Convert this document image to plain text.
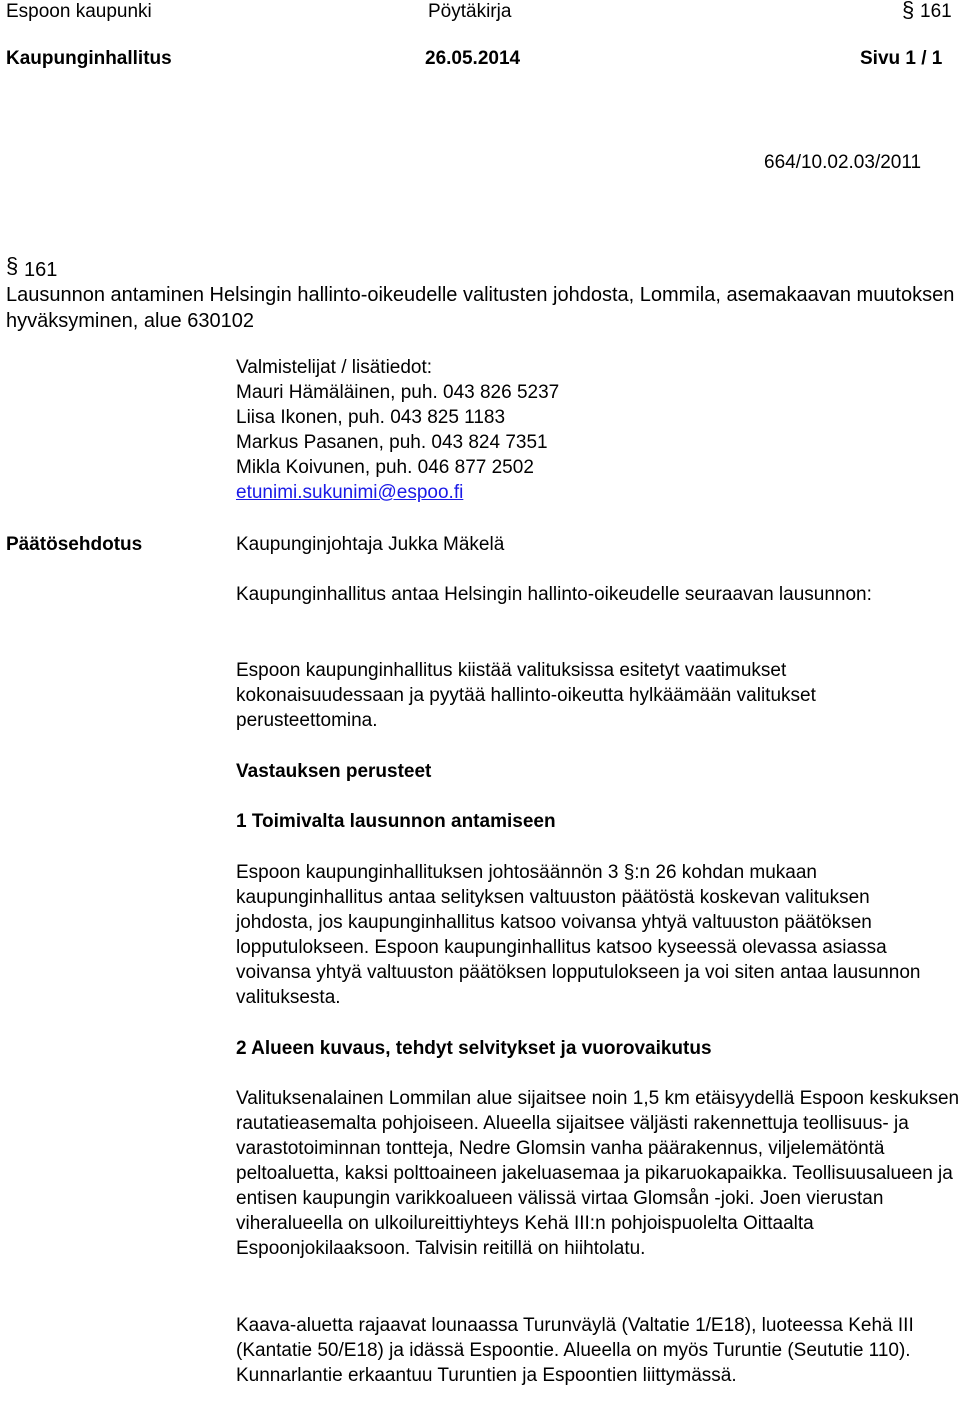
Espoon kaupunki	Pöytäkirja	§ 161
Kaupunginhallitus	26.05.2014	Sivu 1 / 1
664/10.02.03/2011
§ 161
Lausunnon antaminen Helsingin hallinto-oikeudelle valitusten johdosta, Lommila, asemakaavan muutoksen hyväksyminen, alue 630102

Valmistelijat / lisätiedot:

Mauri Hämäläinen, puh. 043 826 5237

Liisa Ikonen, puh. 043 825 1183

Markus Pasanen, puh. 043 824 7351

Mikla Koivunen, puh. 046 877 2502

etunimi.sukunimi@espoo.fi

Päätösehdotus	Kaupunginjohtaja Jukka Mäkelä
Kaupunginhallitus antaa Helsingin hallinto-oikeudelle seuraavan lausunnon:
Espoon kaupunginhallitus kiistää valituksissa esitetyt vaatimukset kokonaisuudessaan ja pyytää hallinto-oikeutta hylkäämään valitukset perusteettomina.
Vastauksen perusteet
1 Toimivalta lausunnon antamiseen
Espoon kaupunginhallituksen johtosäännön 3 §:n 26 kohdan mukaan kaupunginhallitus antaa selityksen valtuuston päätöstä koskevan valituksen johdosta, jos kaupunginhallitus katsoo voivansa yhtyä valtuuston päätöksen lopputulokseen. Espoon kaupunginhallitus katsoo kyseessä olevassa asiassa voivansa yhtyä valtuuston päätöksen lopputulokseen ja voi siten antaa lausunnon valituksesta.
2 Alueen kuvaus, tehdyt selvitykset ja vuorovaikutus
Valituksenalainen Lommilan alue sijaitsee noin 1,5 km etäisyydellä Espoon keskuksen rautatieasemalta pohjoiseen. Alueella sijaitsee väljästi rakennettuja teollisuus- ja varastotoiminnan tontteja, Nedre Glomsin vanha päärakennus, viljelemätöntä peltoaluetta, kaksi polttoaineen jakeluasemaa ja pikaruokapaikka. Teollisuusalueen ja entisen kaupungin varikkoalueen välissä virtaa Glomsån -joki. Joen vierustan viheralueella on ulkoilureittiyhteys Kehä III:n pohjoispuolelta Oittaalta Espoonjokilaaksoon. Talvisin reitillä on hiihtolatu.
Kaava-aluetta rajaavat lounaassa Turunväylä (Valtatie 1/E18), luoteessa Kehä III (Kantatie 50/E18) ja idässä Espoontie. Alueella on myös Turuntie (Seututie 110). Kunnarlantie erkaantuu Turuntien ja Espoontien liittymässä.
